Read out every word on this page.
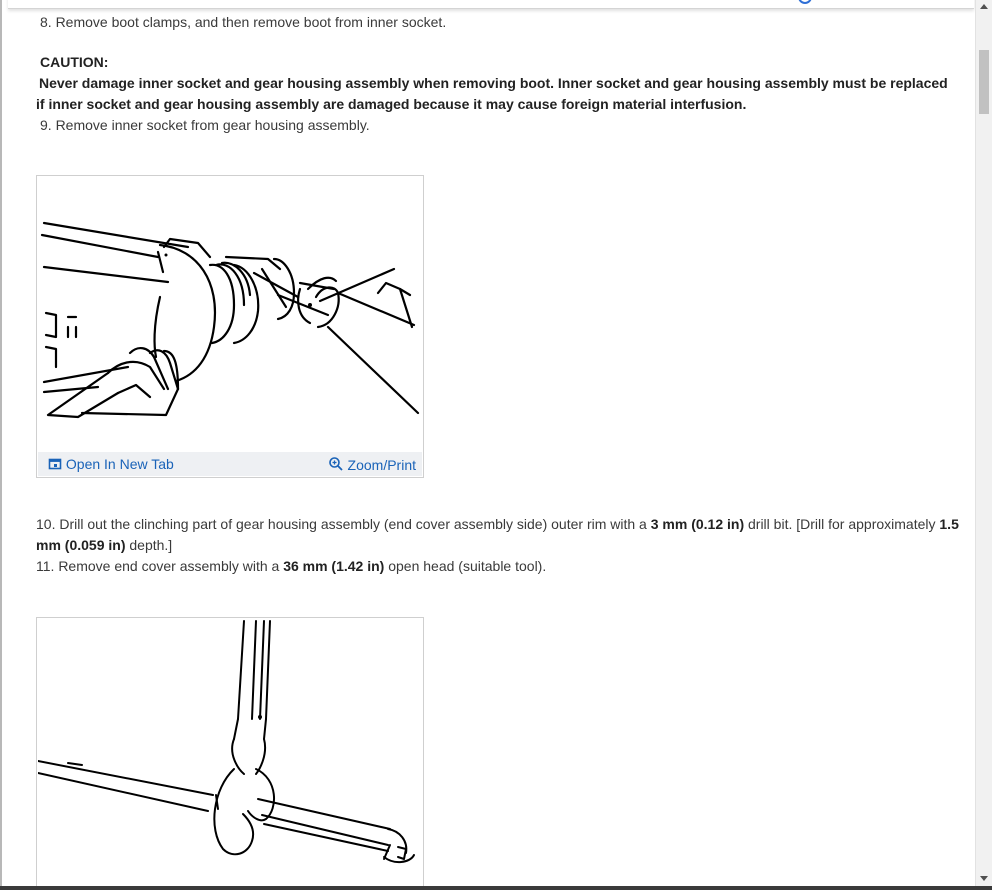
8. Remove boot clamps, and then remove boot from inner socket.
CAUTION:
Never damage inner socket and gear housing assembly when removing boot. Inner socket and gear housing assembly must be replaced if inner socket and gear housing assembly are damaged because it may cause foreign material interfusion.
9. Remove inner socket from gear housing assembly.
Open In New Tab	Zoom/Print
10. Drill out the clinching part of gear housing assembly (end cover assembly side) outer rim with a 3 mm (0.12 in) drill bit. [Drill for approximately 1.5 mm (0.059 in) depth.]
11. Remove end cover assembly with a 36 mm (1.42 in) open head (suitable tool).
